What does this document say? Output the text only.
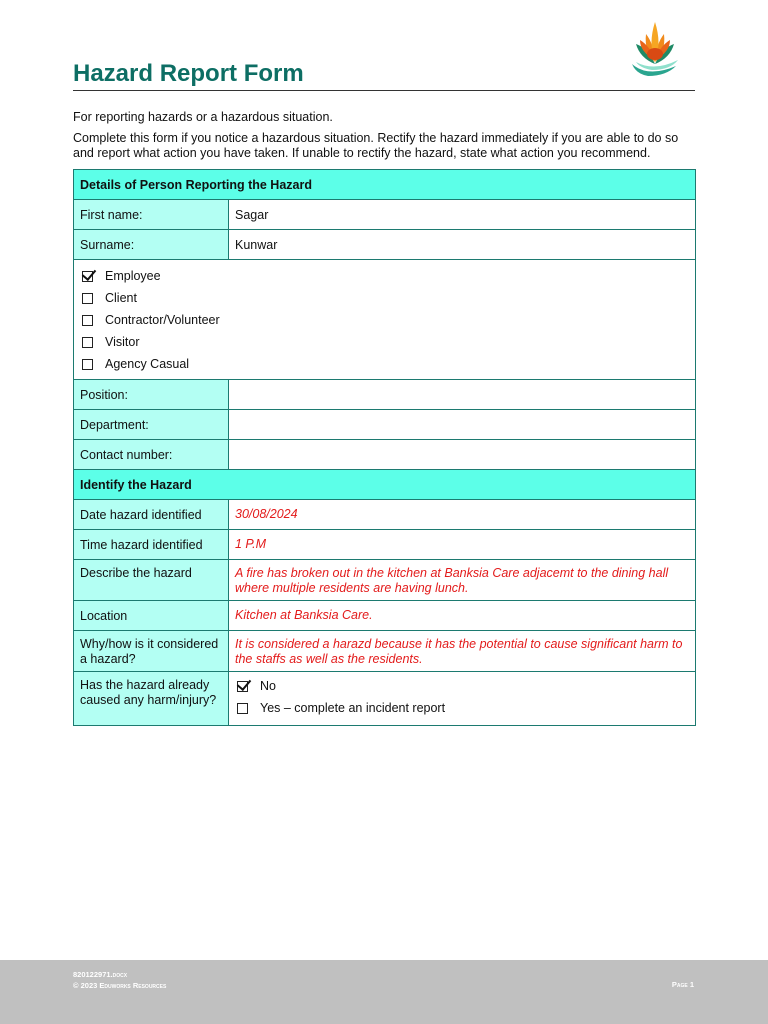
Hazard Report Form

For reporting hazards or a hazardous situation.

Complete this form if you notice a hazardous situation. Rectify the hazard immediately if you are able to do so and report what action you have taken. If unable to rectify the hazard, state what action you recommend.

Details of Person Reporting the Hazard	
First name:	Sagar
Surname:	Kunwar

Employee
Client
Contractor/Volunteer
Visitor
Agency Casual	

Position:	
Department:	
Contact number:	
Identify the Hazard	
Date hazard identified	30/08/2024
Time hazard identified	1 P.M
Describe the hazard	A fire has broken out in the kitchen at Banksia Care adjacemt to the dining hall where multiple residents are having lunch.
Location	Kitchen at Banksia Care.
Why/how is it considered a hazard?	It is considered a harazd because it has the potential to cause significant harm to the staffs as well as the residents.
Has the hazard already caused any harm/injury?	No
Yes – complete an incident report
820122971.docx
© 2023 Eduworks Resources	Page 1
